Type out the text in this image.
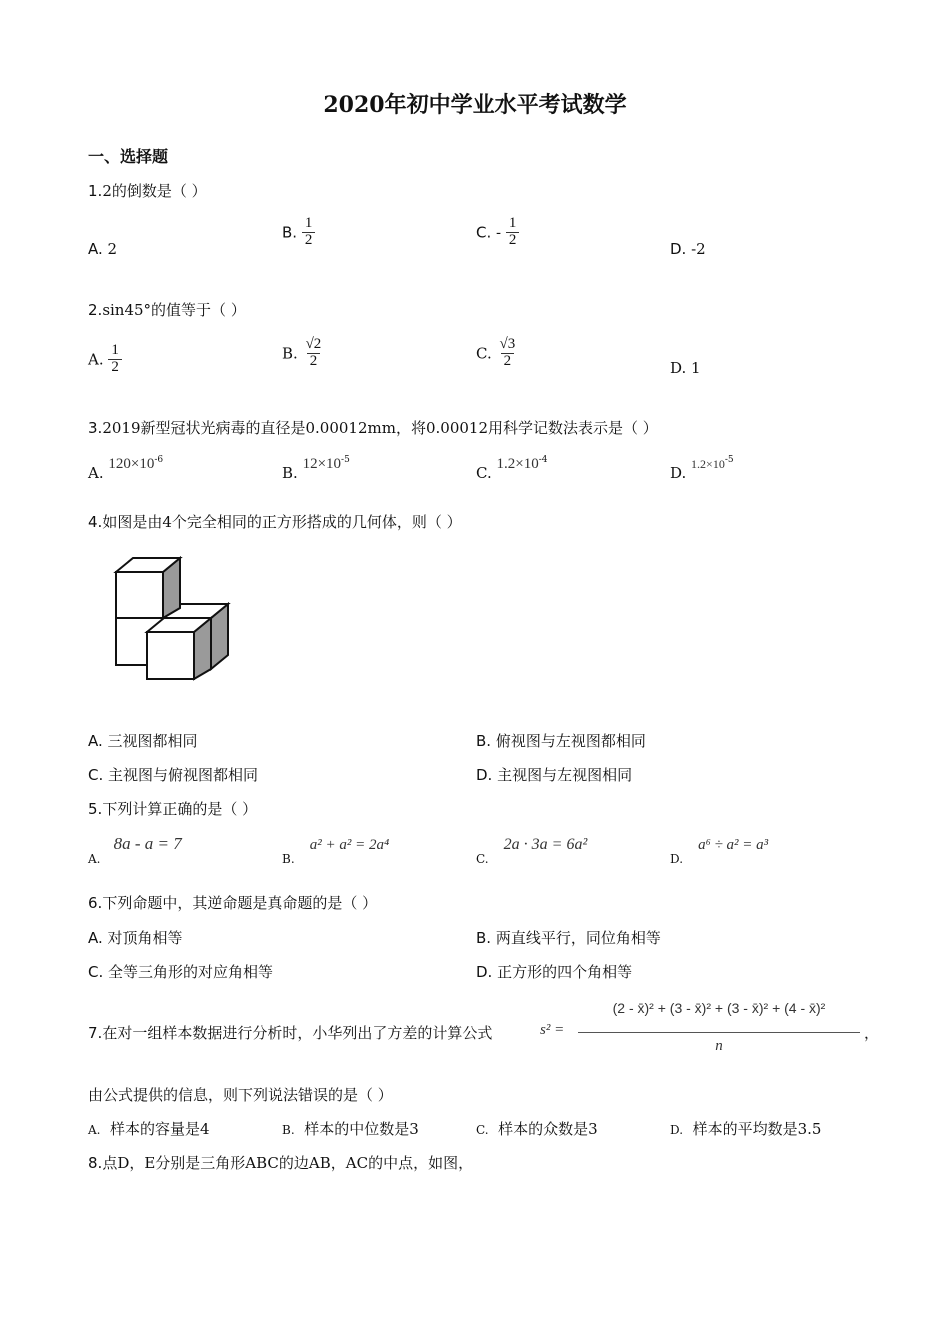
2020年初中学业水平考试数学
一、选择题
1.2的倒数是（ ）
A. 2
B. $\frac{1}{2}$	C. - $\frac{1}{2}$
D. -2
2.sin45°的值等于（ ）
A. $\frac{1}{2}$	B. $\frac{√2}{2}$	C. $\frac{√3}{2}$	D. 1
3.2019新型冠状光病毒的直径是0.00012mm，将0.00012用科学记数法表示是（ ）
A. $120\times 10^{-6}$
B. $12\times 10^{-5}$
C. $1.2\times 10^{-4}$
D. $1.2\times 10^{-5}$
4.如图是由4个完全相同的正方形搭成的几何体，则（ ）
A. 三视图都相同	B. 俯视图与左视图都相同
C. 主视图与俯视图都相同	D. 主视图与左视图相同
5.下列计算正确的是（ ）
$_{A.}$ 8a - a = 7
$_{B.}$ a² + a² = 2a⁴
$_{C.}$ 2a · 3a = 6a²
$_{D.}$ a⁶ ÷ a² = a³
6.下列命题中，其逆命题是真命题的是（ ）
A. 对顶角相等	B. 两直线平行，同位角相等
C. 全等三角形的对应角相等	D. 正方形的四个角相等
7.在对一组样本数据进行分析时，小华列出了方差的计算公式	s² =
(2 - x̄)² + (3 - x̄)² + (3 - x̄)² + (4 - x̄)²
n
，
由公式提供的信息，则下列说法错误的是（ ）
A. 样本的容量是4	B. 样本的中位数是3	C. 样本的众数是3	D. 样本的平均数是3.5
8.点D，E分别是三角形ABC的边AB，AC的中点，如图，
